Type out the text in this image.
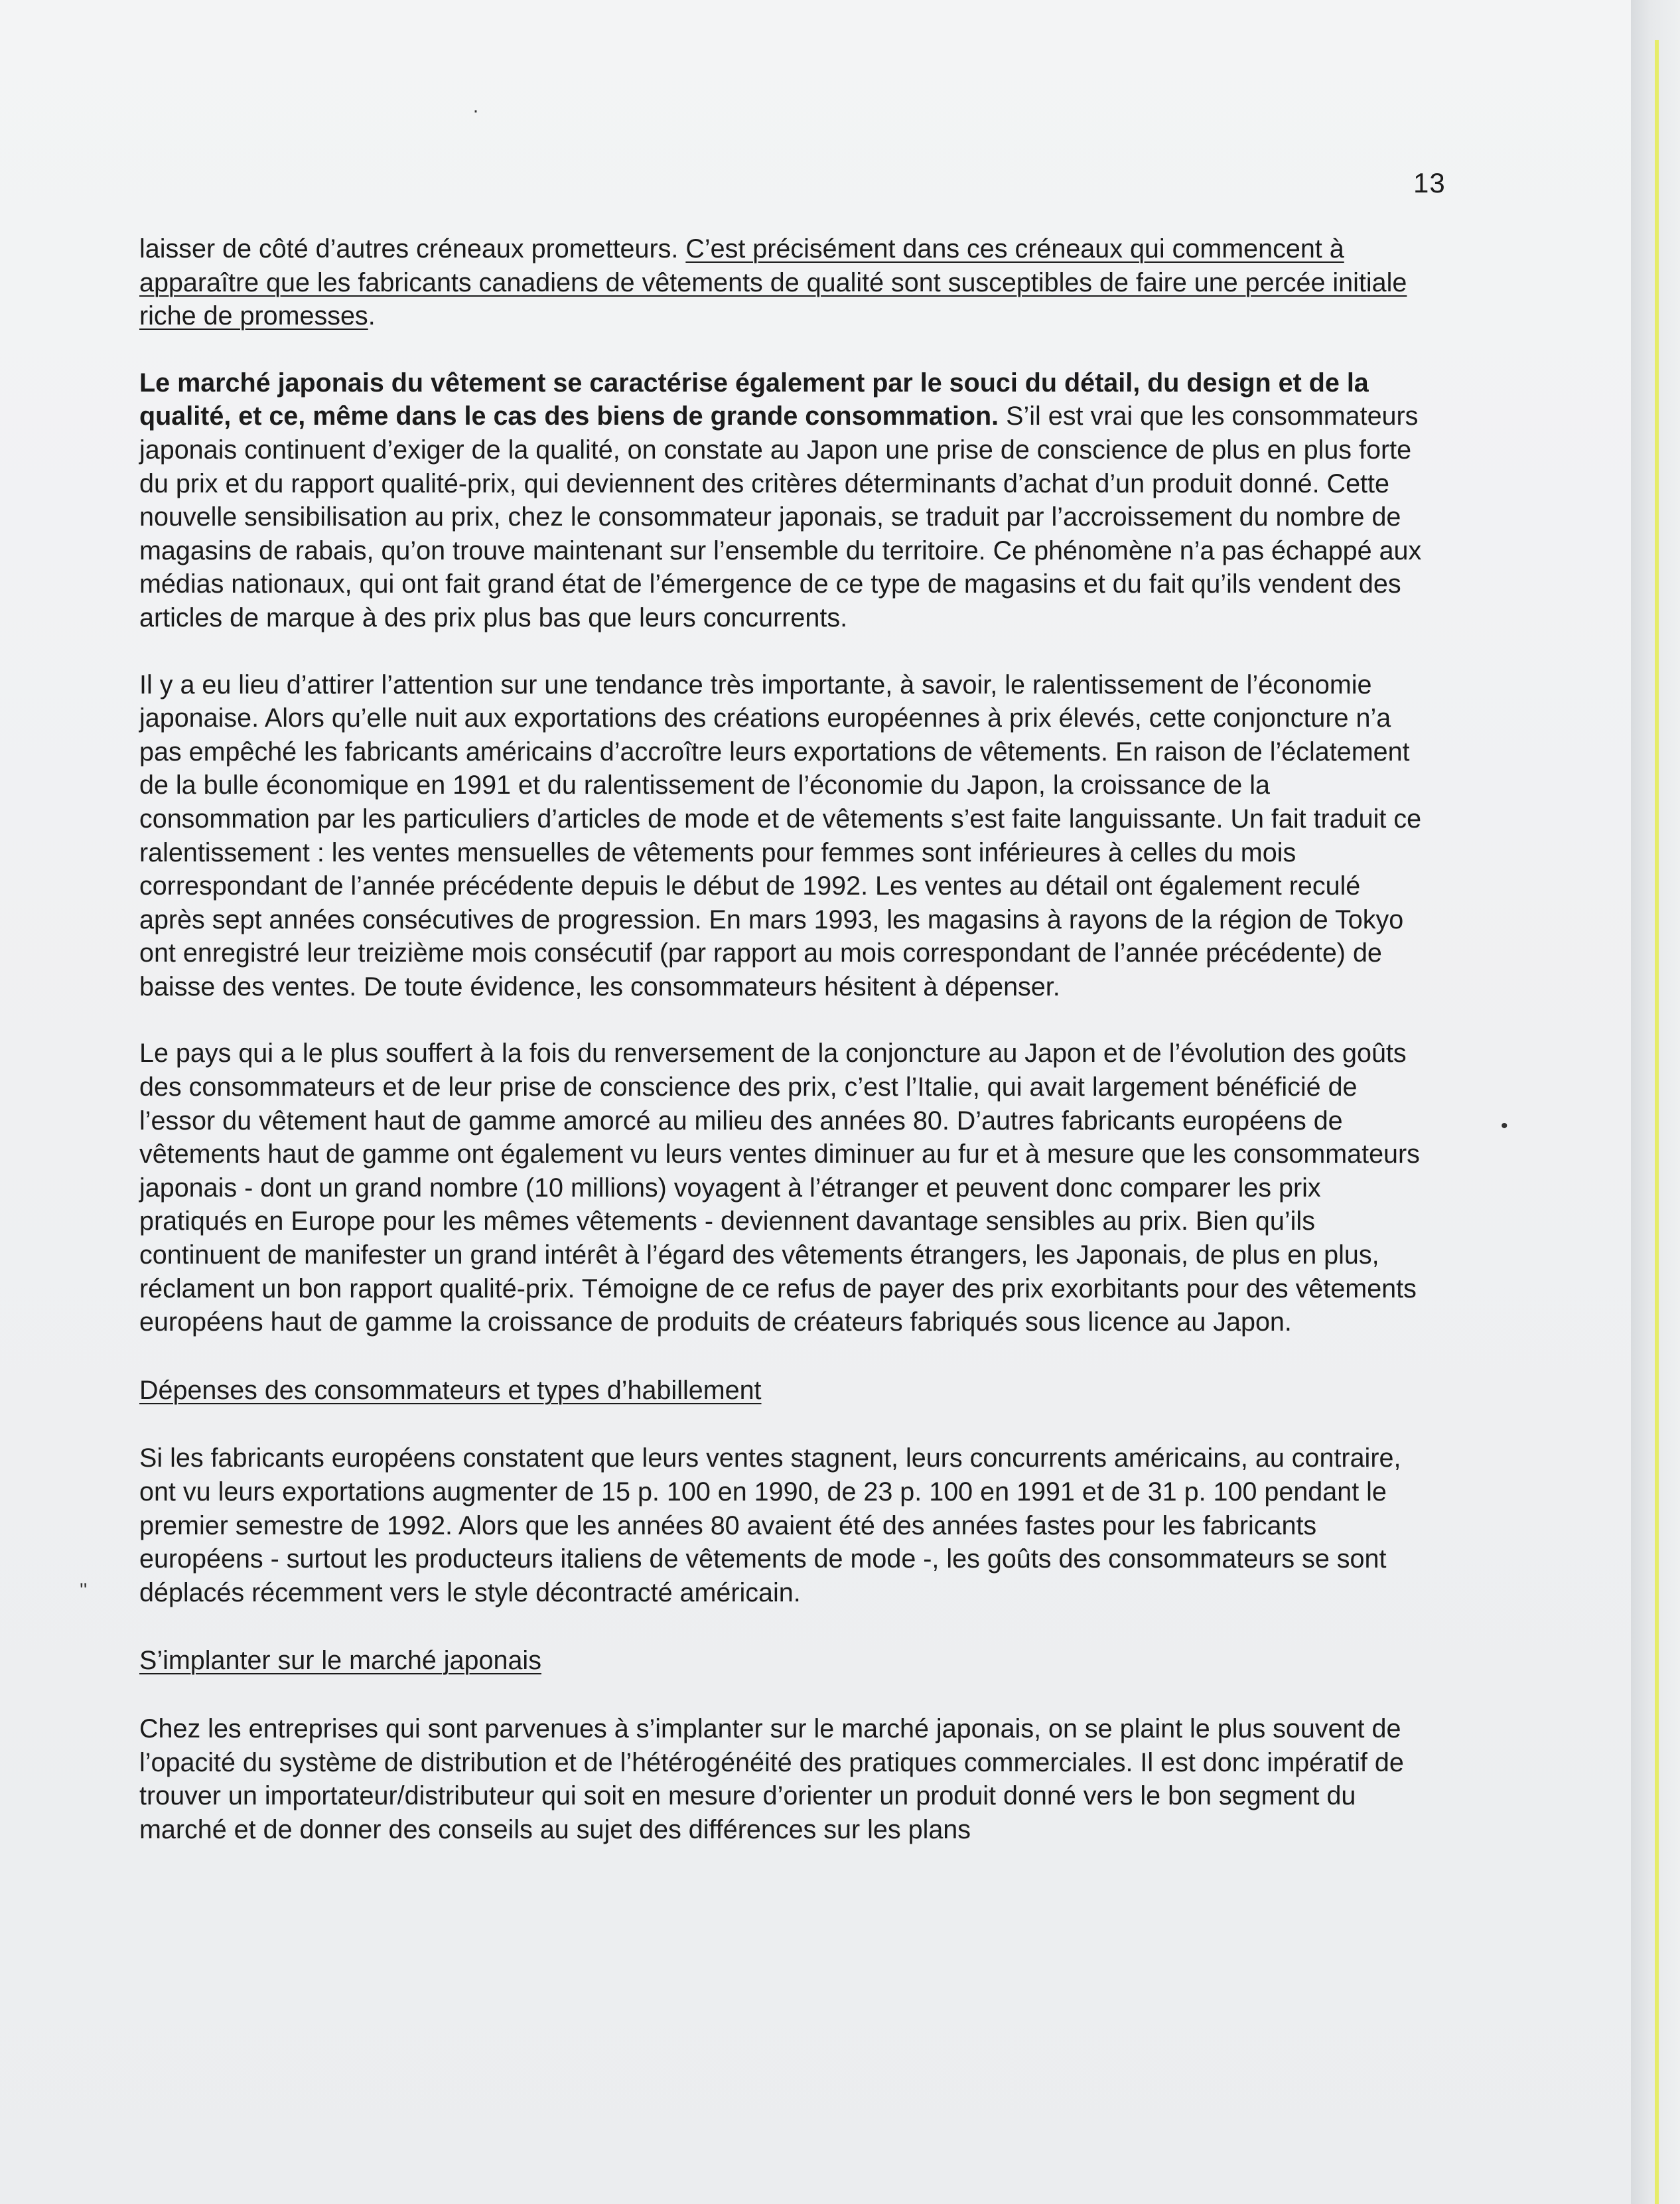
13
·
•
''

laisser de côté d’autres créneaux prometteurs. C’est précisément dans ces créneaux qui commencent à apparaître que les fabricants canadiens de vêtements de qualité sont susceptibles de faire une percée initiale riche de promesses.

Le marché japonais du vêtement se caractérise également par le souci du détail, du design et de la qualité, et ce, même dans le cas des biens de grande consommation. S’il est vrai que les consommateurs japonais continuent d’exiger de la qualité, on constate au Japon une prise de conscience de plus en plus forte du prix et du rapport qualité-prix, qui deviennent des critères déterminants d’achat d’un produit donné. Cette nouvelle sensibilisation au prix, chez le consommateur japonais, se traduit par l’accroissement du nombre de magasins de rabais, qu’on trouve maintenant sur l’ensemble du territoire. Ce phénomène n’a pas échappé aux médias nationaux, qui ont fait grand état de l’émergence de ce type de magasins et du fait qu’ils vendent des articles de marque à des prix plus bas que leurs concurrents.

Il y a eu lieu d’attirer l’attention sur une tendance très importante, à savoir, le ralentissement de l’économie japonaise. Alors qu’elle nuit aux exportations des créations européennes à prix élevés, cette conjoncture n’a pas empêché les fabricants américains d’accroître leurs exportations de vêtements. En raison de l’éclatement de la bulle économique en 1991 et du ralentissement de l’économie du Japon, la croissance de la consommation par les particuliers d’articles de mode et de vêtements s’est faite languissante. Un fait traduit ce ralentissement : les ventes mensuelles de vêtements pour femmes sont inférieures à celles du mois correspondant de l’année précédente depuis le début de 1992. Les ventes au détail ont également reculé après sept années consécutives de progression. En mars 1993, les magasins à rayons de la région de Tokyo ont enregistré leur treizième mois consécutif (par rapport au mois correspondant de l’année précédente) de baisse des ventes. De toute évidence, les consommateurs hésitent à dépenser.

Le pays qui a le plus souffert à la fois du renversement de la conjoncture au Japon et de l’évolution des goûts des consommateurs et de leur prise de conscience des prix, c’est l’Italie, qui avait largement bénéficié de l’essor du vêtement haut de gamme amorcé au milieu des années 80. D’autres fabricants européens de vêtements haut de gamme ont également vu leurs ventes diminuer au fur et à mesure que les consommateurs japonais - dont un grand nombre (10 millions) voyagent à l’étranger et peuvent donc comparer les prix pratiqués en Europe pour les mêmes vêtements - deviennent davantage sensibles au prix. Bien qu’ils continuent de manifester un grand intérêt à l’égard des vêtements étrangers, les Japonais, de plus en plus, réclament un bon rapport qualité-prix. Témoigne de ce refus de payer des prix exorbitants pour des vêtements européens haut de gamme la croissance de produits de créateurs fabriqués sous licence au Japon.

Dépenses des consommateurs et types d’habillement

Si les fabricants européens constatent que leurs ventes stagnent, leurs concurrents américains, au contraire, ont vu leurs exportations augmenter de 15 p. 100 en 1990, de 23 p. 100 en 1991 et de 31 p. 100 pendant le premier semestre de 1992. Alors que les années 80 avaient été des années fastes pour les fabricants européens - surtout les producteurs italiens de vêtements de mode -, les goûts des consommateurs se sont déplacés récemment vers le style décontracté américain.

S’implanter sur le marché japonais

Chez les entreprises qui sont parvenues à s’implanter sur le marché japonais, on se plaint le plus souvent de l’opacité du système de distribution et de l’hétérogénéité des pratiques commerciales. Il est donc impératif de trouver un importateur/distributeur qui soit en mesure d’orienter un produit donné vers le bon segment du marché et de donner des conseils au sujet des différences sur les plans
